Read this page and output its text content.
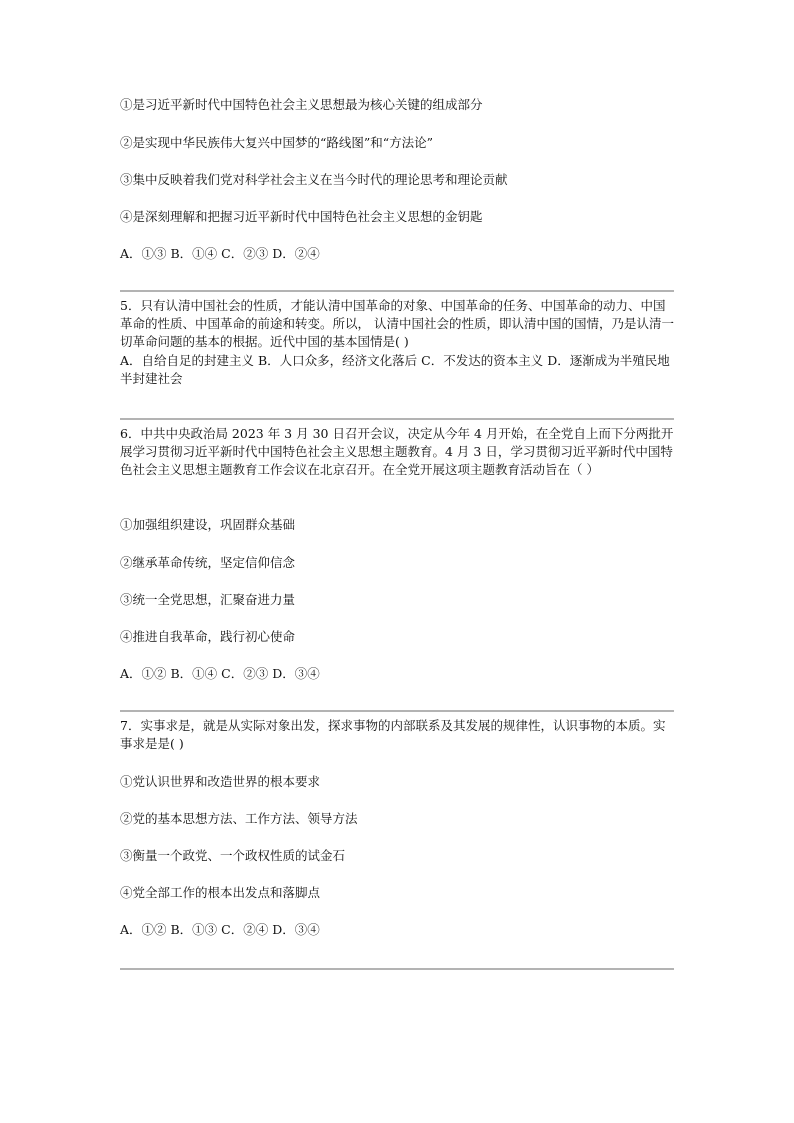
①是习近平新时代中国特色社会主义思想最为核心关键的组成部分
②是实现中华民族伟大复兴中国梦的“路线图”和“方法论”
③集中反映着我们党对科学社会主义在当今时代的理论思考和理论贡献
④是深刻理解和把握习近平新时代中国特色社会主义思想的金钥匙
A．①③ B．①④ C．②③ D．②④
5．只有认清中国社会的性质，才能认清中国革命的对象、中国革命的任务、中国革命的动力、中国革命的性质、中国革命的前途和转变。所以， 认清中国社会的性质，即认清中国的国情，乃是认清一切革命问题的基本的根据。近代中国的基本国情是( )
A．自给自足的封建主义 B．人口众多，经济文化落后 C．不发达的资本主义 D．逐渐成为半殖民地半封建社会
6．中共中央政治局 2023 年 3 月 30 日召开会议，决定从今年 4 月开始，在全党自上而下分两批开展学习贯彻习近平新时代中国特色社会主义思想主题教育。4 月 3 日，学习贯彻习近平新时代中国特色社会主义思想主题教育工作会议在北京召开。在全党开展这项主题教育活动旨在（ ）
①加强组织建设，巩固群众基础
②继承革命传统，坚定信仰信念
③统一全党思想，汇聚奋进力量
④推进自我革命，践行初心使命
A．①② B．①④ C．②③ D．③④
7．实事求是，就是从实际对象出发，探求事物的内部联系及其发展的规律性，认识事物的本质。实事求是是( )
①党认识世界和改造世界的根本要求
②党的基本思想方法、工作方法、领导方法
③衡量一个政党、一个政权性质的试金石
④党全部工作的根本出发点和落脚点
A．①② B．①③ C．②④ D．③④
